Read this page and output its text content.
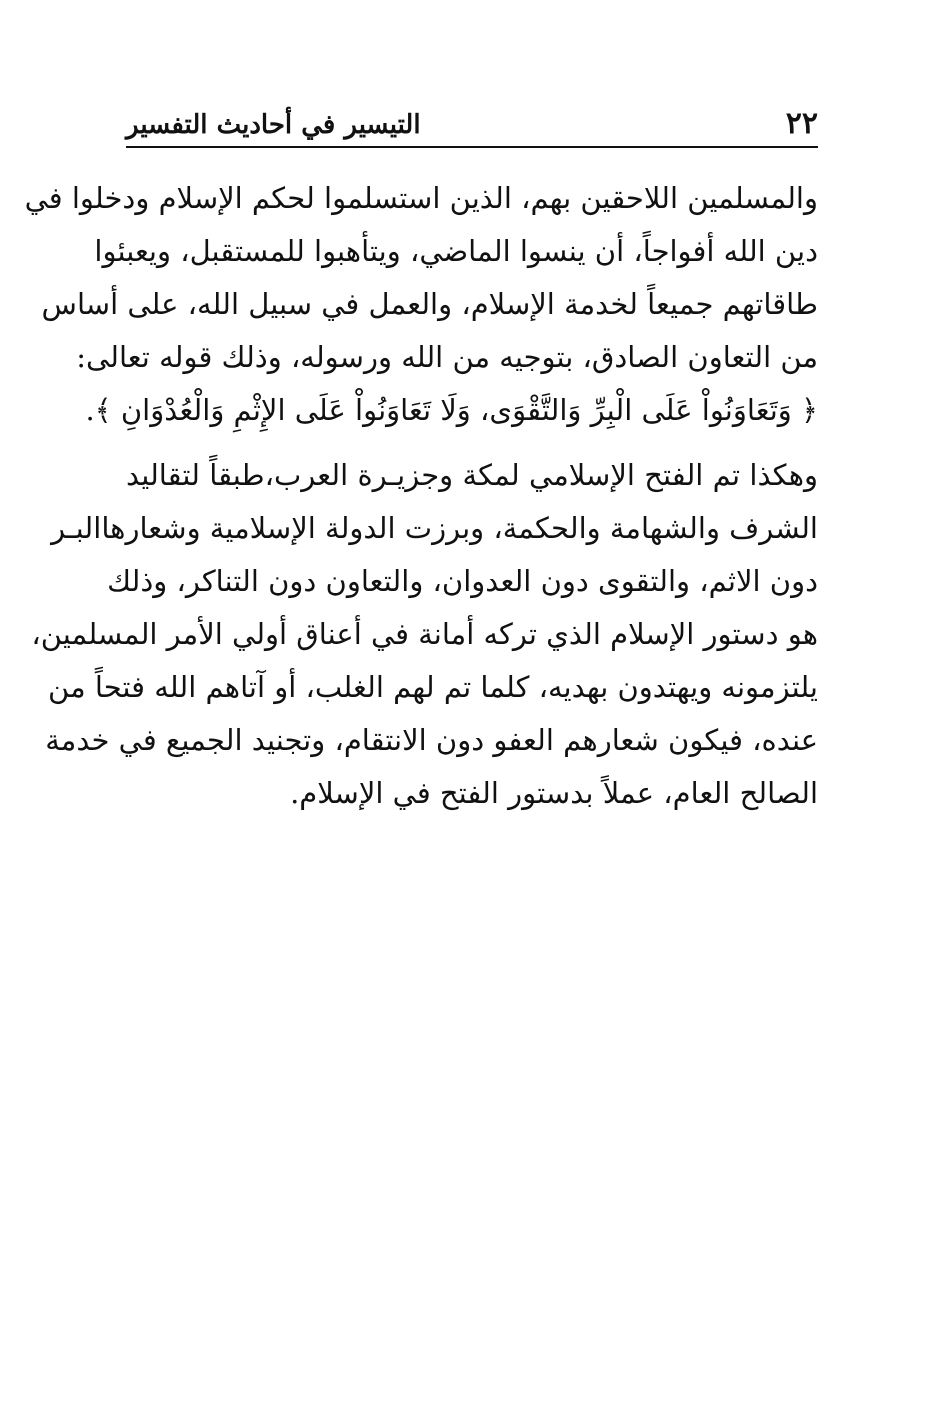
التيسير في أحاديث التفسير	٢٢
والمسلمين اللاحقين بهم، الذين استسلموا لحكم الإسلام ودخلوا في
دين الله أفواجاً، أن ينسوا الماضي، ويتأهبوا للمستقبل، ويعبئوا
طاقاتهم جميعاً لخدمة الإسلام، والعمل في سبيل الله، على أساس
من التعاون الصادق، بتوجيه من الله ورسوله، وذلك قوله تعالى:
﴿ وَتَعَاوَنُواْ عَلَى الْبِرِّ وَالتَّقْوَى، وَلَا تَعَاوَنُواْ عَلَى الإِثْمِ وَالْعُدْوَانِ ﴾.
وهكذا تم الفتح الإسلامي لمكة وجزيـرة العرب،طبقاً لتقاليد
الشرف والشهامة والحكمة، وبرزت الدولة الإسلامية وشعارهاالبـر
دون الاثم، والتقوى دون العدوان، والتعاون دون التناكر، وذلك
هو دستور الإسلام الذي تركه أمانة في أعناق أولي الأمر المسلمين،
يلتزمونه ويهتدون بهديه، كلما تم لهم الغلب، أو آتاهم الله فتحاً من
عنده، فيكون شعارهم العفو دون الانتقام، وتجنيد الجميع في خدمة
الصالح العام، عملاً بدستور الفتح في الإسلام.
